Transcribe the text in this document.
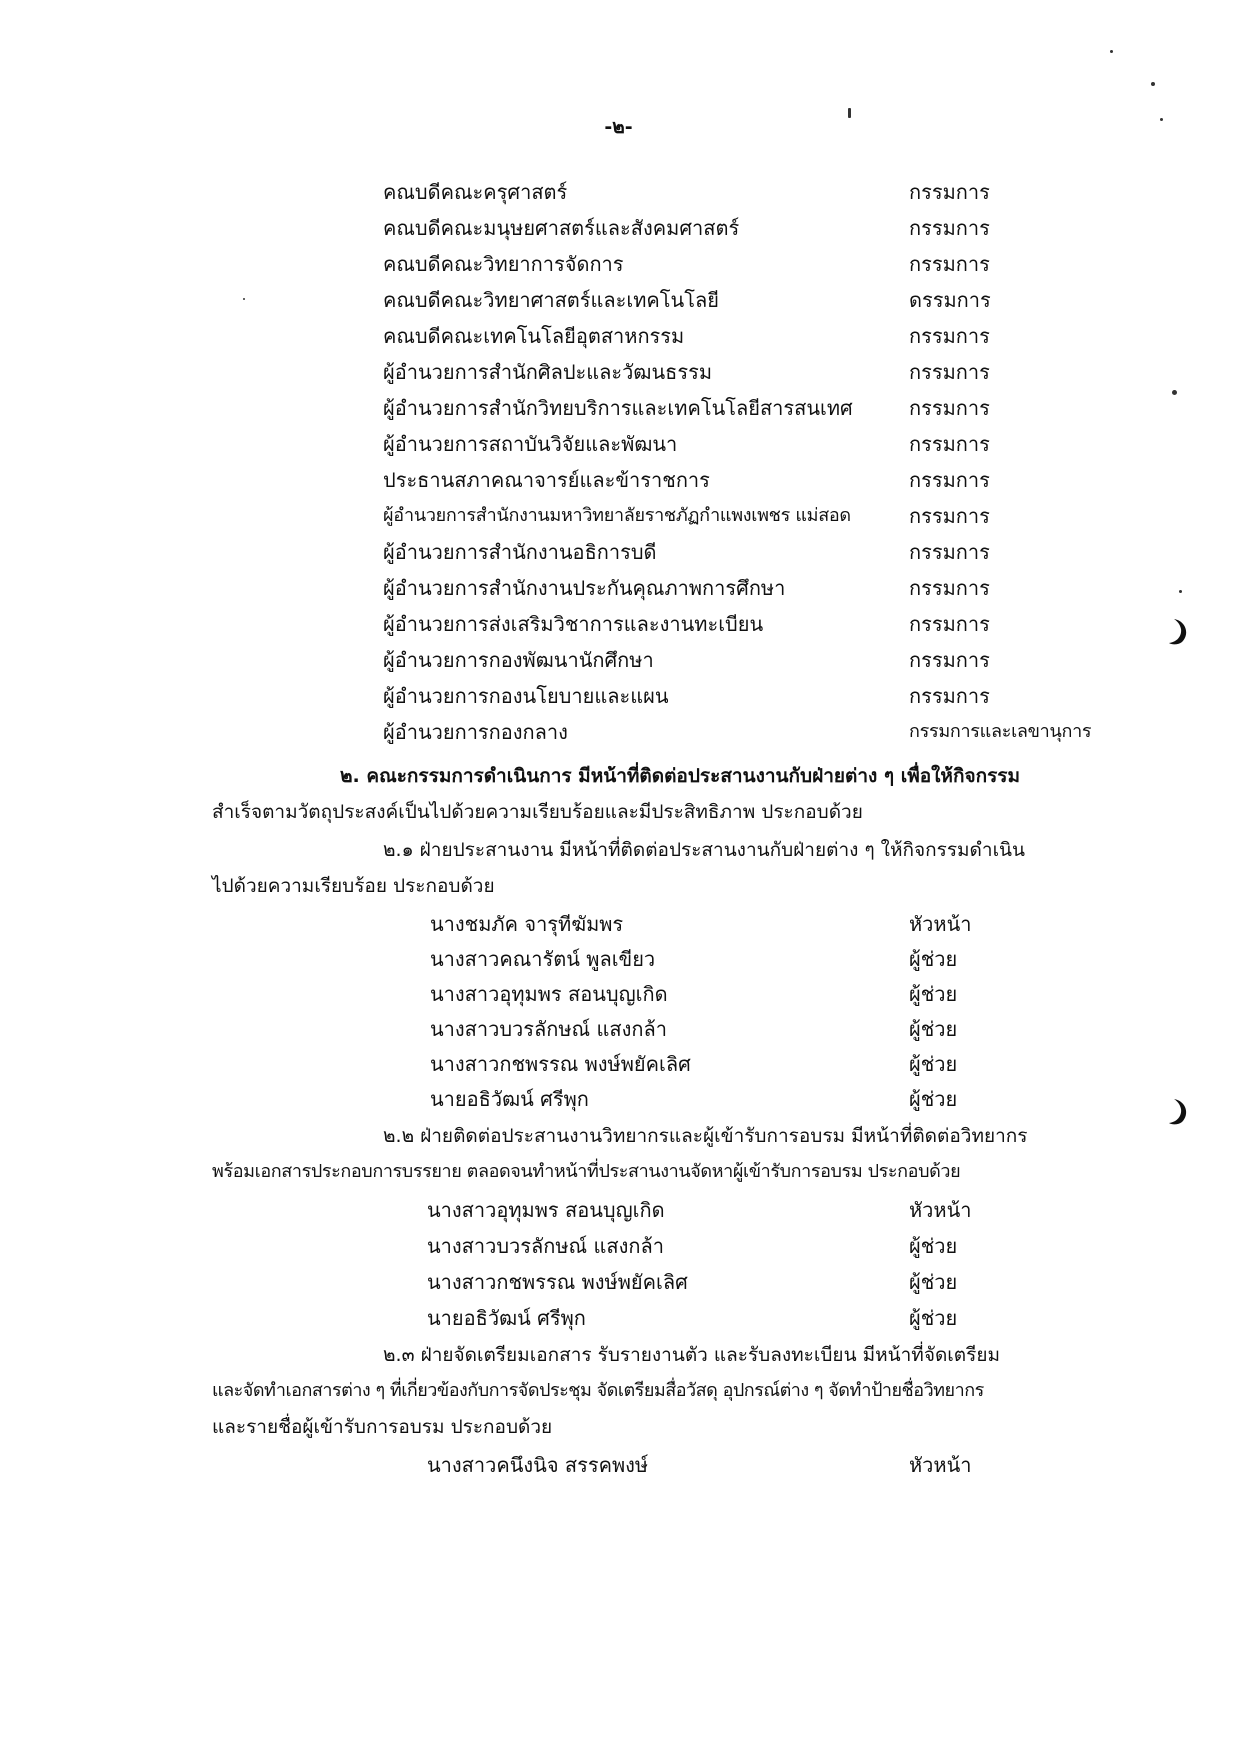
-๒-
คณบดีคณะครุศาสตร์	กรรมการ
คณบดีคณะมนุษยศาสตร์และสังคมศาสตร์	กรรมการ
คณบดีคณะวิทยาการจัดการ	กรรมการ
คณบดีคณะวิทยาศาสตร์และเทคโนโลยี	ดรรมการ
คณบดีคณะเทคโนโลยีอุตสาหกรรม	กรรมการ
ผู้อำนวยการสำนักศิลปะและวัฒนธรรม	กรรมการ
ผู้อำนวยการสำนักวิทยบริการและเทคโนโลยีสารสนเทศ	กรรมการ
ผู้อำนวยการสถาบันวิจัยและพัฒนา	กรรมการ
ประธานสภาคณาจารย์และข้าราชการ	กรรมการ
ผู้อำนวยการสำนักงานมหาวิทยาลัยราชภัฏกำแพงเพชร แม่สอด	กรรมการ
ผู้อำนวยการสำนักงานอธิการบดี	กรรมการ
ผู้อำนวยการสำนักงานประกันคุณภาพการศึกษา	กรรมการ
ผู้อำนวยการส่งเสริมวิชาการและงานทะเบียน	กรรมการ
ผู้อำนวยการกองพัฒนานักศึกษา	กรรมการ
ผู้อำนวยการกองนโยบายและแผน	กรรมการ
ผู้อำนวยการกองกลาง	กรรมการและเลขานุการ
๒. คณะกรรมการดำเนินการ มีหน้าที่ติดต่อประสานงานกับฝ่ายต่าง ๆ เพื่อให้กิจกรรม
สำเร็จตามวัตถุประสงค์เป็นไปด้วยความเรียบร้อยและมีประสิทธิภาพ ประกอบด้วย
๒.๑ ฝ่ายประสานงาน มีหน้าที่ติดต่อประสานงานกับฝ่ายต่าง ๆ ให้กิจกรรมดำเนิน
ไปด้วยความเรียบร้อย ประกอบด้วย
นางชมภัค จารุทีฆัมพร	หัวหน้า
นางสาวคณารัตน์ พูลเขียว	ผู้ช่วย
นางสาวอุทุมพร สอนบุญเกิด	ผู้ช่วย
นางสาวบวรลักษณ์ แสงกล้า	ผู้ช่วย
นางสาวกชพรรณ พงษ์พยัคเลิศ	ผู้ช่วย
นายอธิวัฒน์ ศรีพุก	ผู้ช่วย
๒.๒ ฝ่ายติดต่อประสานงานวิทยากรและผู้เข้ารับการอบรม มีหน้าที่ติดต่อวิทยากร
พร้อมเอกสารประกอบการบรรยาย ตลอดจนทำหน้าที่ประสานงานจัดหาผู้เข้ารับการอบรม ประกอบด้วย
นางสาวอุทุมพร สอนบุญเกิด	หัวหน้า
นางสาวบวรลักษณ์ แสงกล้า	ผู้ช่วย
นางสาวกชพรรณ พงษ์พยัคเลิศ	ผู้ช่วย
นายอธิวัฒน์ ศรีพุก	ผู้ช่วย
๒.๓ ฝ่ายจัดเตรียมเอกสาร รับรายงานตัว และรับลงทะเบียน มีหน้าที่จัดเตรียม
และจัดทำเอกสารต่าง ๆ ที่เกี่ยวข้องกับการจัดประชุม จัดเตรียมสื่อวัสดุ อุปกรณ์ต่าง ๆ จัดทำป้ายชื่อวิทยากร
และรายชื่อผู้เข้ารับการอบรม ประกอบด้วย
นางสาวคนึงนิจ สรรคพงษ์	หัวหน้า
